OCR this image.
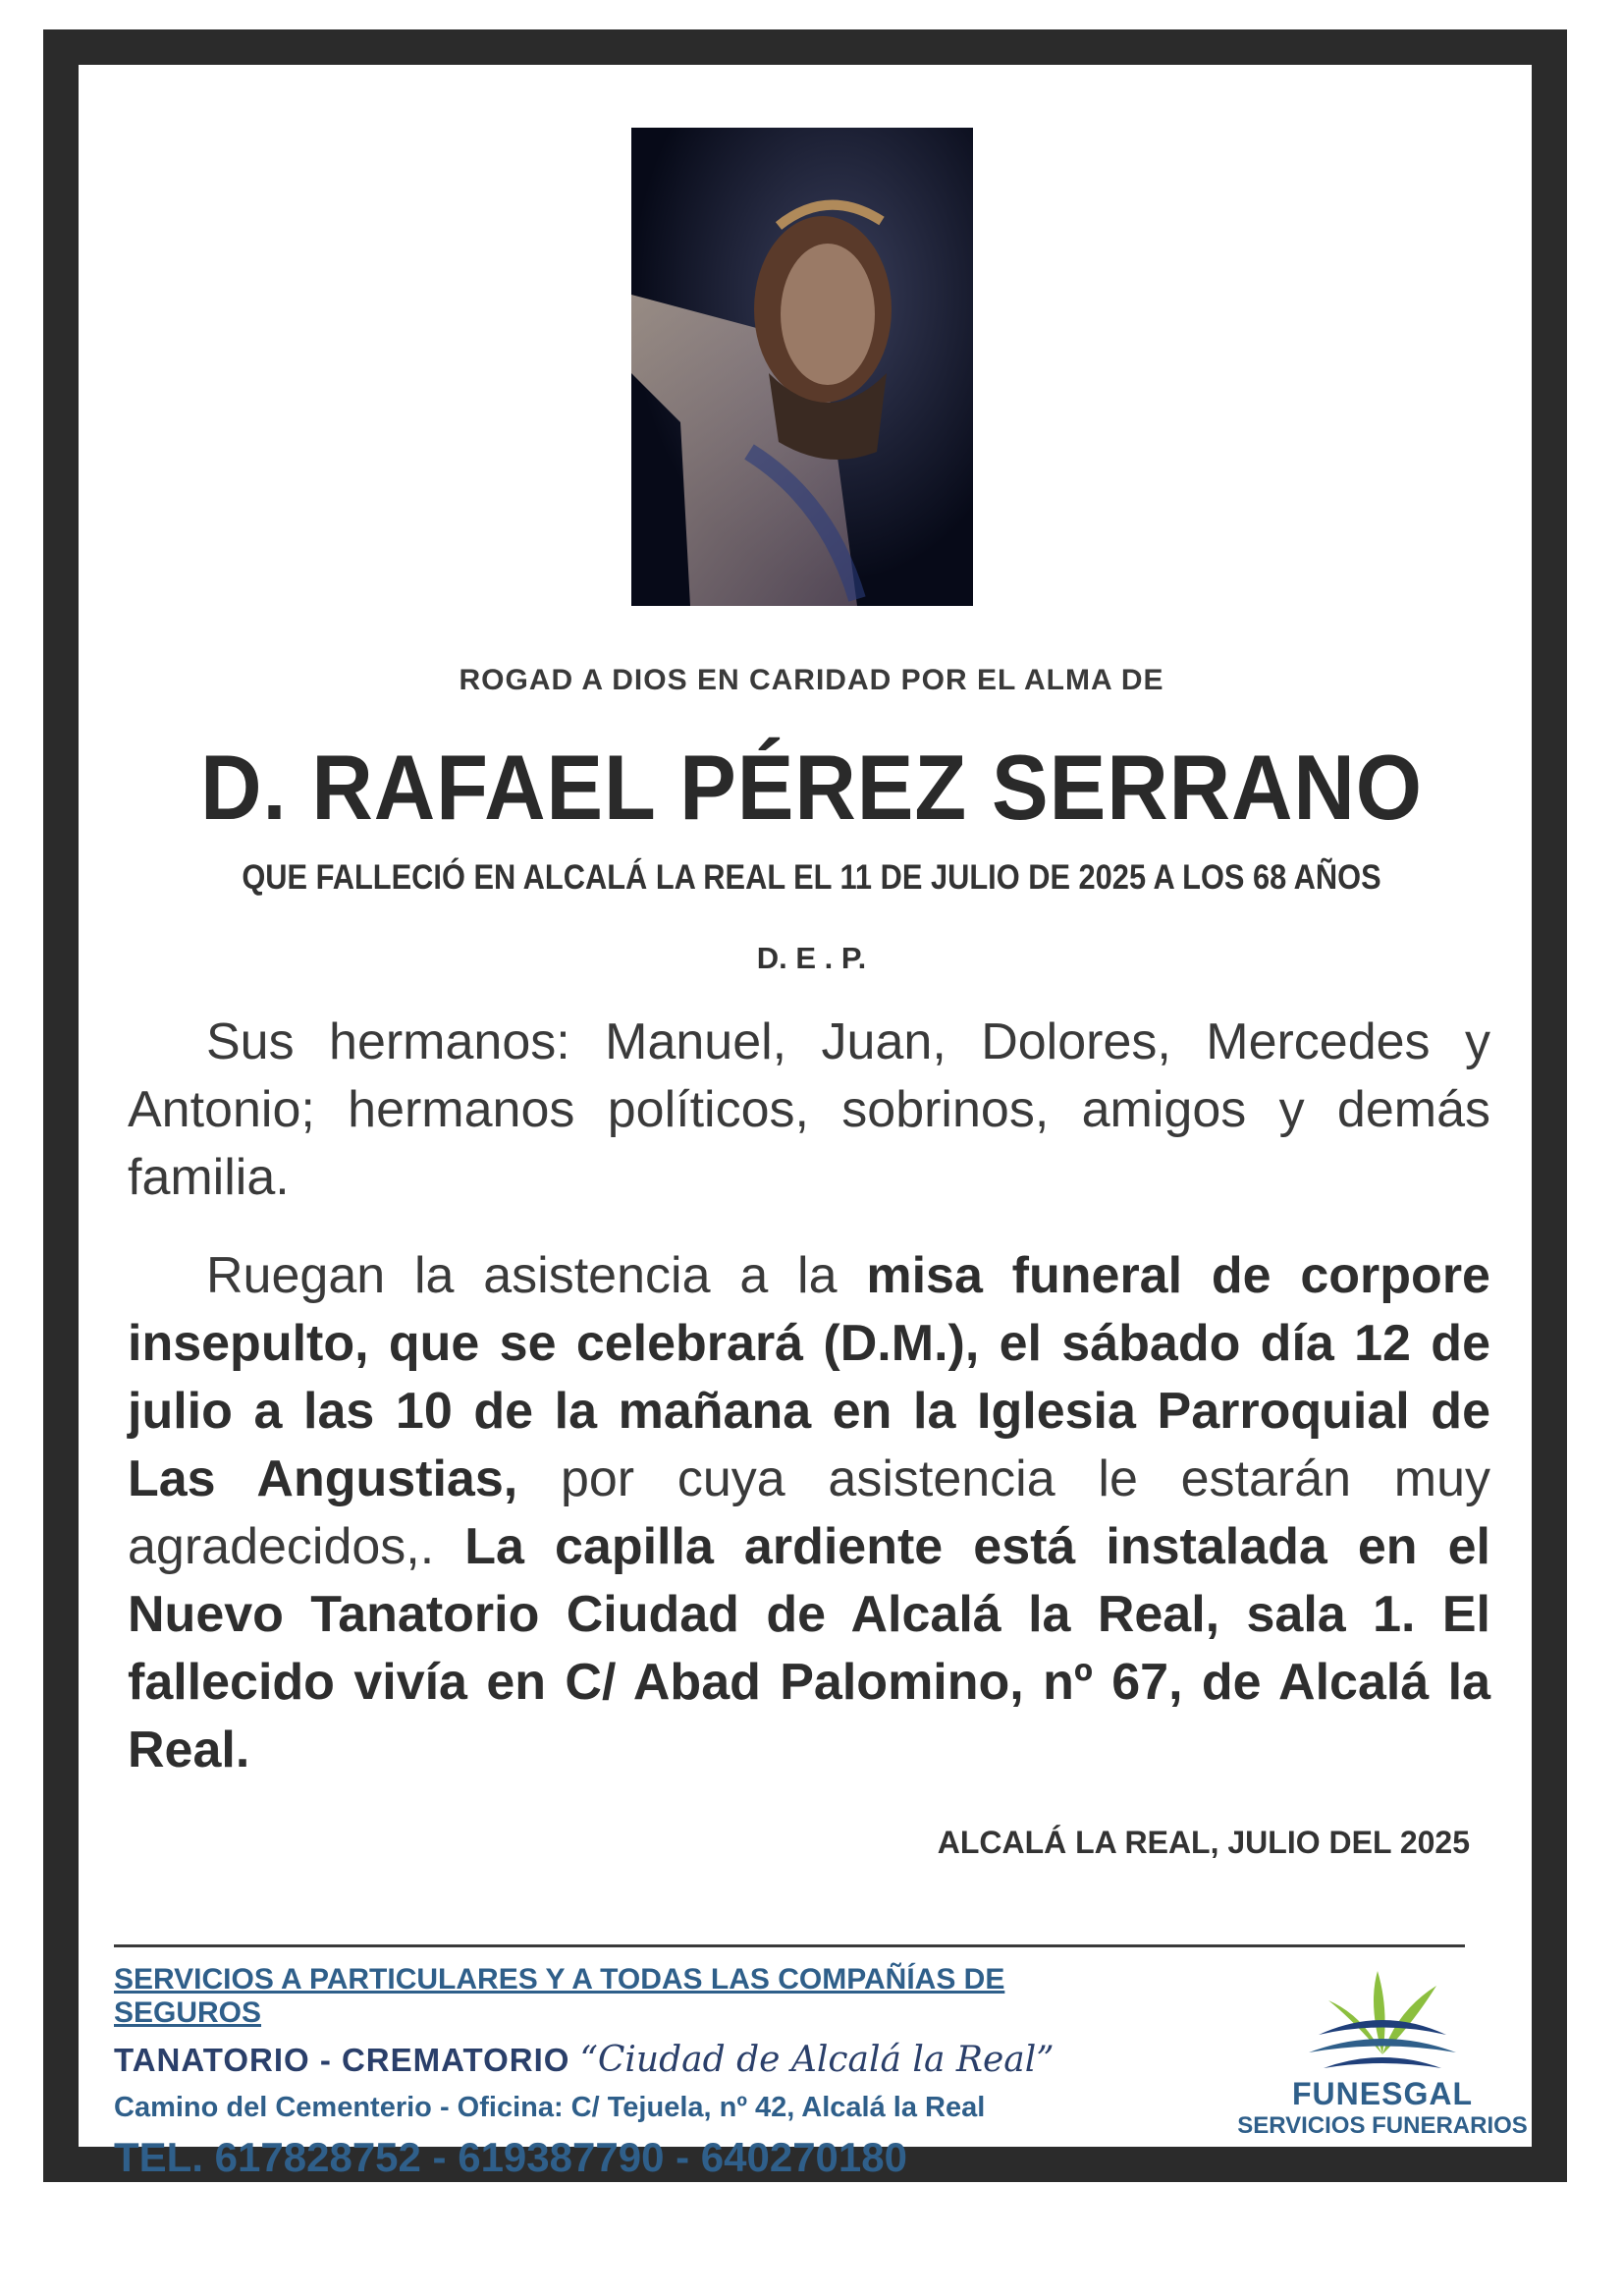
ROGAD A DIOS EN CARIDAD POR EL ALMA DE
D. RAFAEL PÉREZ SERRANO
QUE FALLECIÓ EN ALCALÁ LA REAL EL 11 DE JULIO DE 2025 A LOS 68 AÑOS
D. E . P.
Sus hermanos: Manuel, Juan, Dolores, Mercedes y Antonio; hermanos políticos, sobrinos, amigos y demás familia.
Ruegan la asistencia a la misa funeral de corpore insepulto, que se celebrará (D.M.), el sábado día 12 de julio a las 10 de la mañana en la Iglesia Parroquial de Las Angustias, por cuya asistencia le estarán muy agradecidos,. La capilla ardiente está instalada en el Nuevo Tanatorio Ciudad de Alcalá la Real, sala 1. El fallecido vivía en C/ Abad Palomino, nº 67, de Alcalá la Real.
ALCALÁ LA REAL, JULIO DEL 2025
SERVICIOS A PARTICULARES Y A TODAS LAS COMPAÑÍAS DE SEGUROS
TANATORIO - CREMATORIO “Ciudad de Alcalá la Real”
Camino del Cementerio - Oficina: C/ Tejuela, nº 42, Alcalá la Real
TEL. 617828752 - 619387790 - 640270180
FUNESGAL
SERVICIOS FUNERARIOS
